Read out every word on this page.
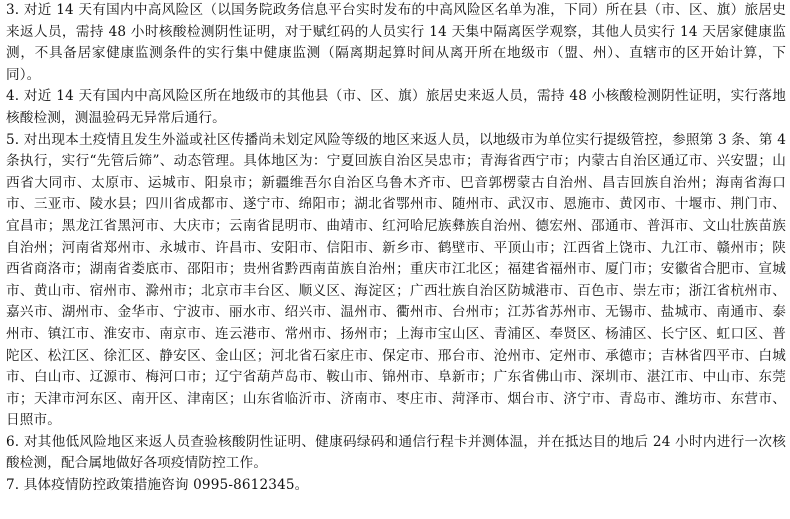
3. 对近 14 天有国内中高风险区（以国务院政务信息平台实时发布的中高风险区名单为准，下同）所在县（市、区、旗）旅居史来返人员，需持 48 小时核酸检测阴性证明，对于赋红码的人员实行 14 天集中隔离医学观察，其他人员实行 14 天居家健康监测，不具备居家健康监测条件的实行集中健康监测（隔离期起算时间从离开所在地级市（盟、州）、直辖市的区开始计算，下同）。

4. 对近 14 天有国内中高风险区所在地级市的其他县（市、区、旗）旅居史来返人员，需持 48 小核酸检测阴性证明，实行落地核酸检测，测温验码无异常后通行。

5. 对出现本土疫情且发生外溢或社区传播尚未划定风险等级的地区来返人员，以地级市为单位实行提级管控，参照第 3 条、第 4 条执行，实行“先管后筛”、动态管理。具体地区为：宁夏回族自治区吴忠市；青海省西宁市；内蒙古自治区通辽市、兴安盟；山西省大同市、太原市、运城市、阳泉市；新疆维吾尔自治区乌鲁木齐市、巴音郭楞蒙古自治州、昌吉回族自治州；海南省海口市、三亚市、陵水县；四川省成都市、遂宁市、绵阳市；湖北省鄂州市、随州市、武汉市、恩施市、黄冈市、十堰市、荆门市、宜昌市；黑龙江省黑河市、大庆市；云南省昆明市、曲靖市、红河哈尼族彝族自治州、德宏州、邵通市、普洱市、文山壮族苗族自治州；河南省郑州市、永城市、许昌市、安阳市、信阳市、新乡市、鹤壁市、平顶山市；江西省上饶市、九江市、赣州市；陕西省商洛市；湖南省娄底市、邵阳市；贵州省黔西南苗族自治州；重庆市江北区；福建省福州市、厦门市；安徽省合肥市、宣城市、黄山市、宿州市、滁州市；北京市丰台区、顺义区、海淀区；广西壮族自治区防城港市、百色市、崇左市；浙江省杭州市、嘉兴市、湖州市、金华市、宁波市、丽水市、绍兴市、温州市、衢州市、台州市；江苏省苏州市、无锡市、盐城市、南通市、泰州市、镇江市、淮安市、南京市、连云港市、常州市、扬州市；上海市宝山区、青浦区、奉贤区、杨浦区、长宁区、虹口区、普陀区、松江区、徐汇区、静安区、金山区；河北省石家庄市、保定市、邢台市、沧州市、定州市、承德市；吉林省四平市、白城市、白山市、辽源市、梅河口市；辽宁省葫芦岛市、鞍山市、锦州市、阜新市；广东省佛山市、深圳市、湛江市、中山市、东莞市；天津市河东区、南开区、津南区；山东省临沂市、济南市、枣庄市、菏泽市、烟台市、济宁市、青岛市、潍坊市、东营市、日照市。

6. 对其他低风险地区来返人员查验核酸阴性证明、健康码绿码和通信行程卡并测体温，并在抵达目的地后 24 小时内进行一次核酸检测，配合属地做好各项疫情防控工作。

7. 具体疫情防控政策措施咨询 0995-8612345。
